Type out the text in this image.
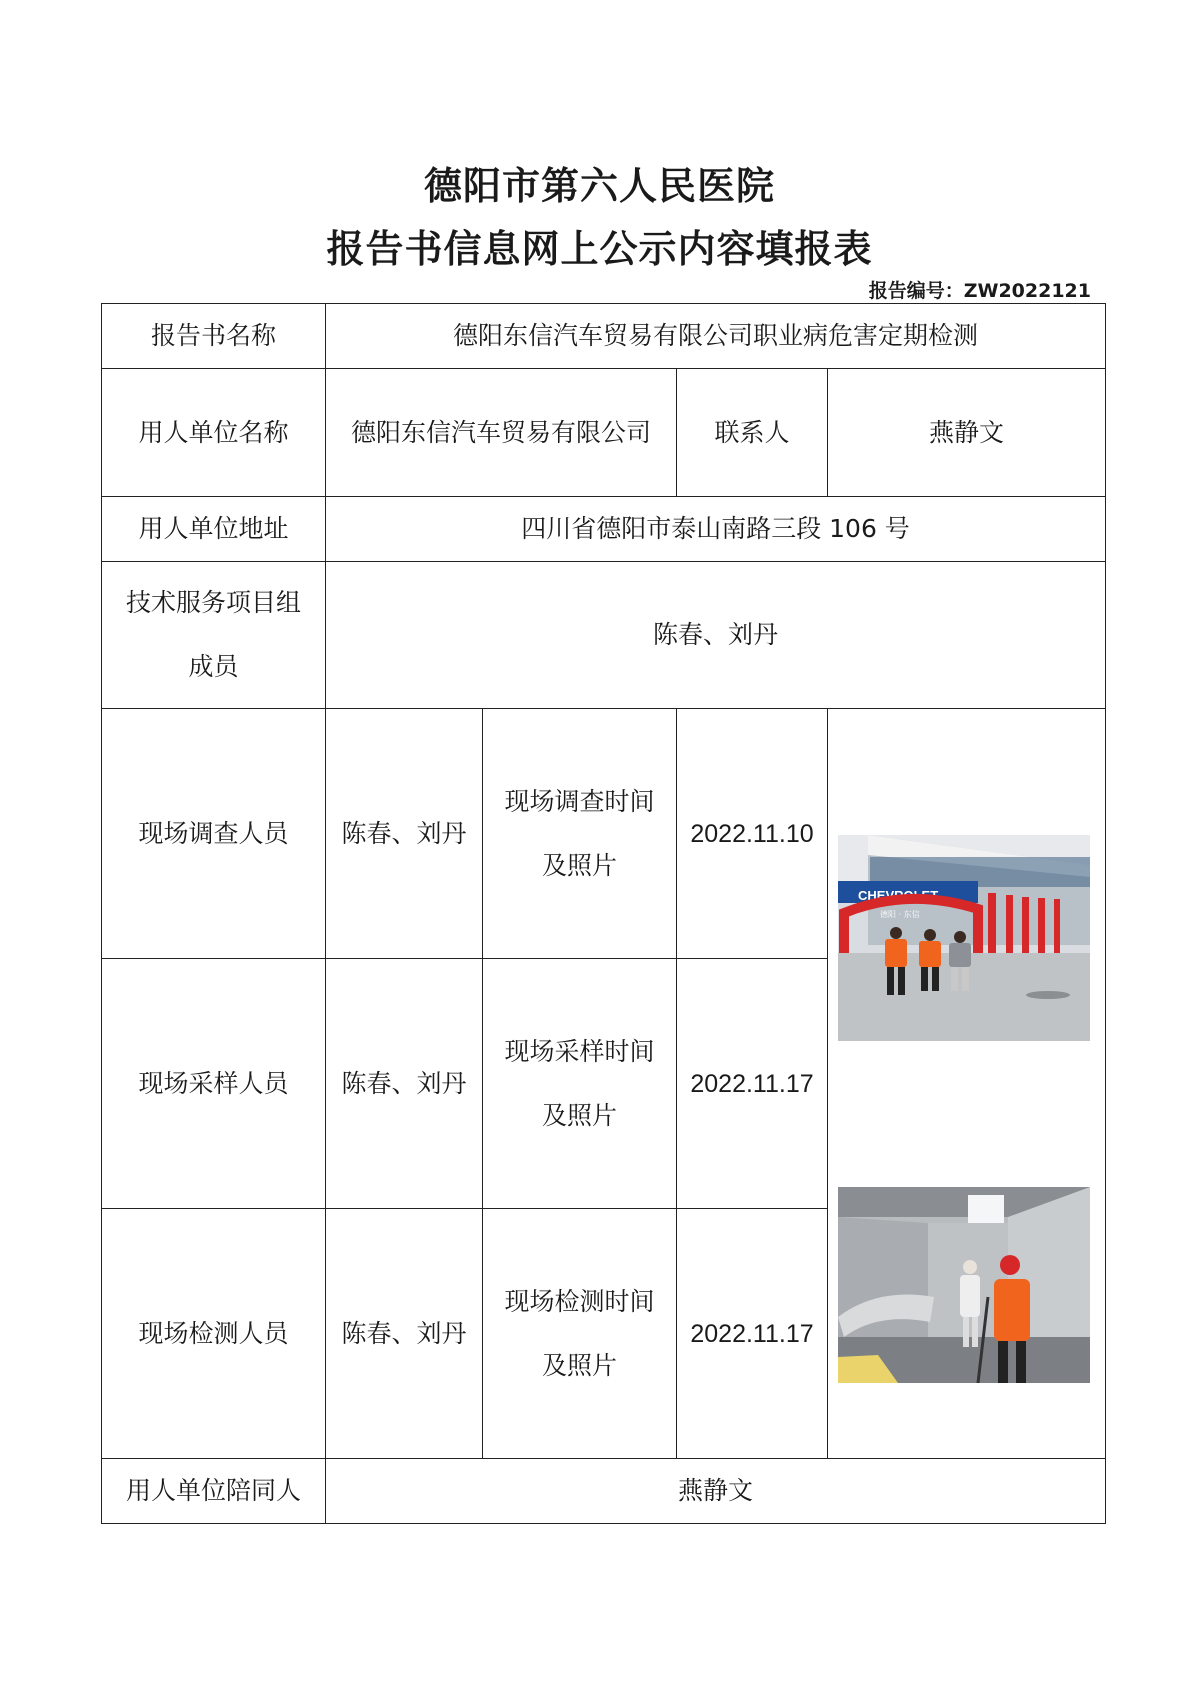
德阳市第六人民医院
报告书信息网上公示内容填报表
报告编号：ZW2022121
报告书名称	德阳东信汽车贸易有限公司职业病危害定期检测			
用人单位名称	德阳东信汽车贸易有限公司		联系人	燕静文
用人单位地址	四川省德阳市泰山南路三段 106 号			
技术服务项目组成员	陈春、刘丹			
现场调查人员	陈春、刘丹	现场调查时间及照片	2022.11.10	CHEVROLET
德阳 · 东信

现场采样人员	陈春、刘丹	现场采样时间及照片	2022.11.17	
现场检测人员	陈春、刘丹	现场检测时间及照片	2022.11.17	
用人单位陪同人	燕静文			
